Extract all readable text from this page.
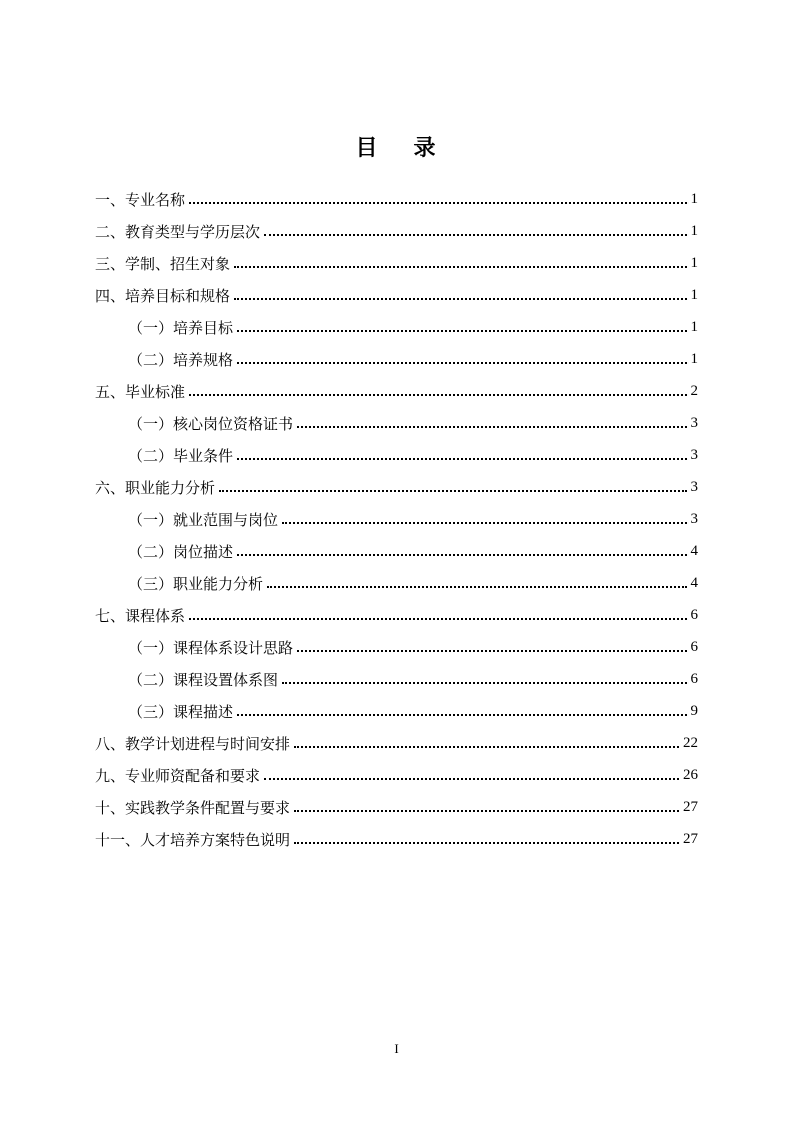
目 录
一、专业名称	1
二、教育类型与学历层次	1
三、学制、招生对象	1
四、培养目标和规格	1
（一）培养目标	1
（二）培养规格	1
五、毕业标准	2
（一）核心岗位资格证书	3
（二）毕业条件	3
六、职业能力分析	3
（一）就业范围与岗位	3
（二）岗位描述	4
（三）职业能力分析	4
七、课程体系	6
（一）课程体系设计思路	6
（二）课程设置体系图	6
（三）课程描述	9
八、教学计划进程与时间安排	22
九、专业师资配备和要求	26
十、实践教学条件配置与要求	27
十一、人才培养方案特色说明	27
I
